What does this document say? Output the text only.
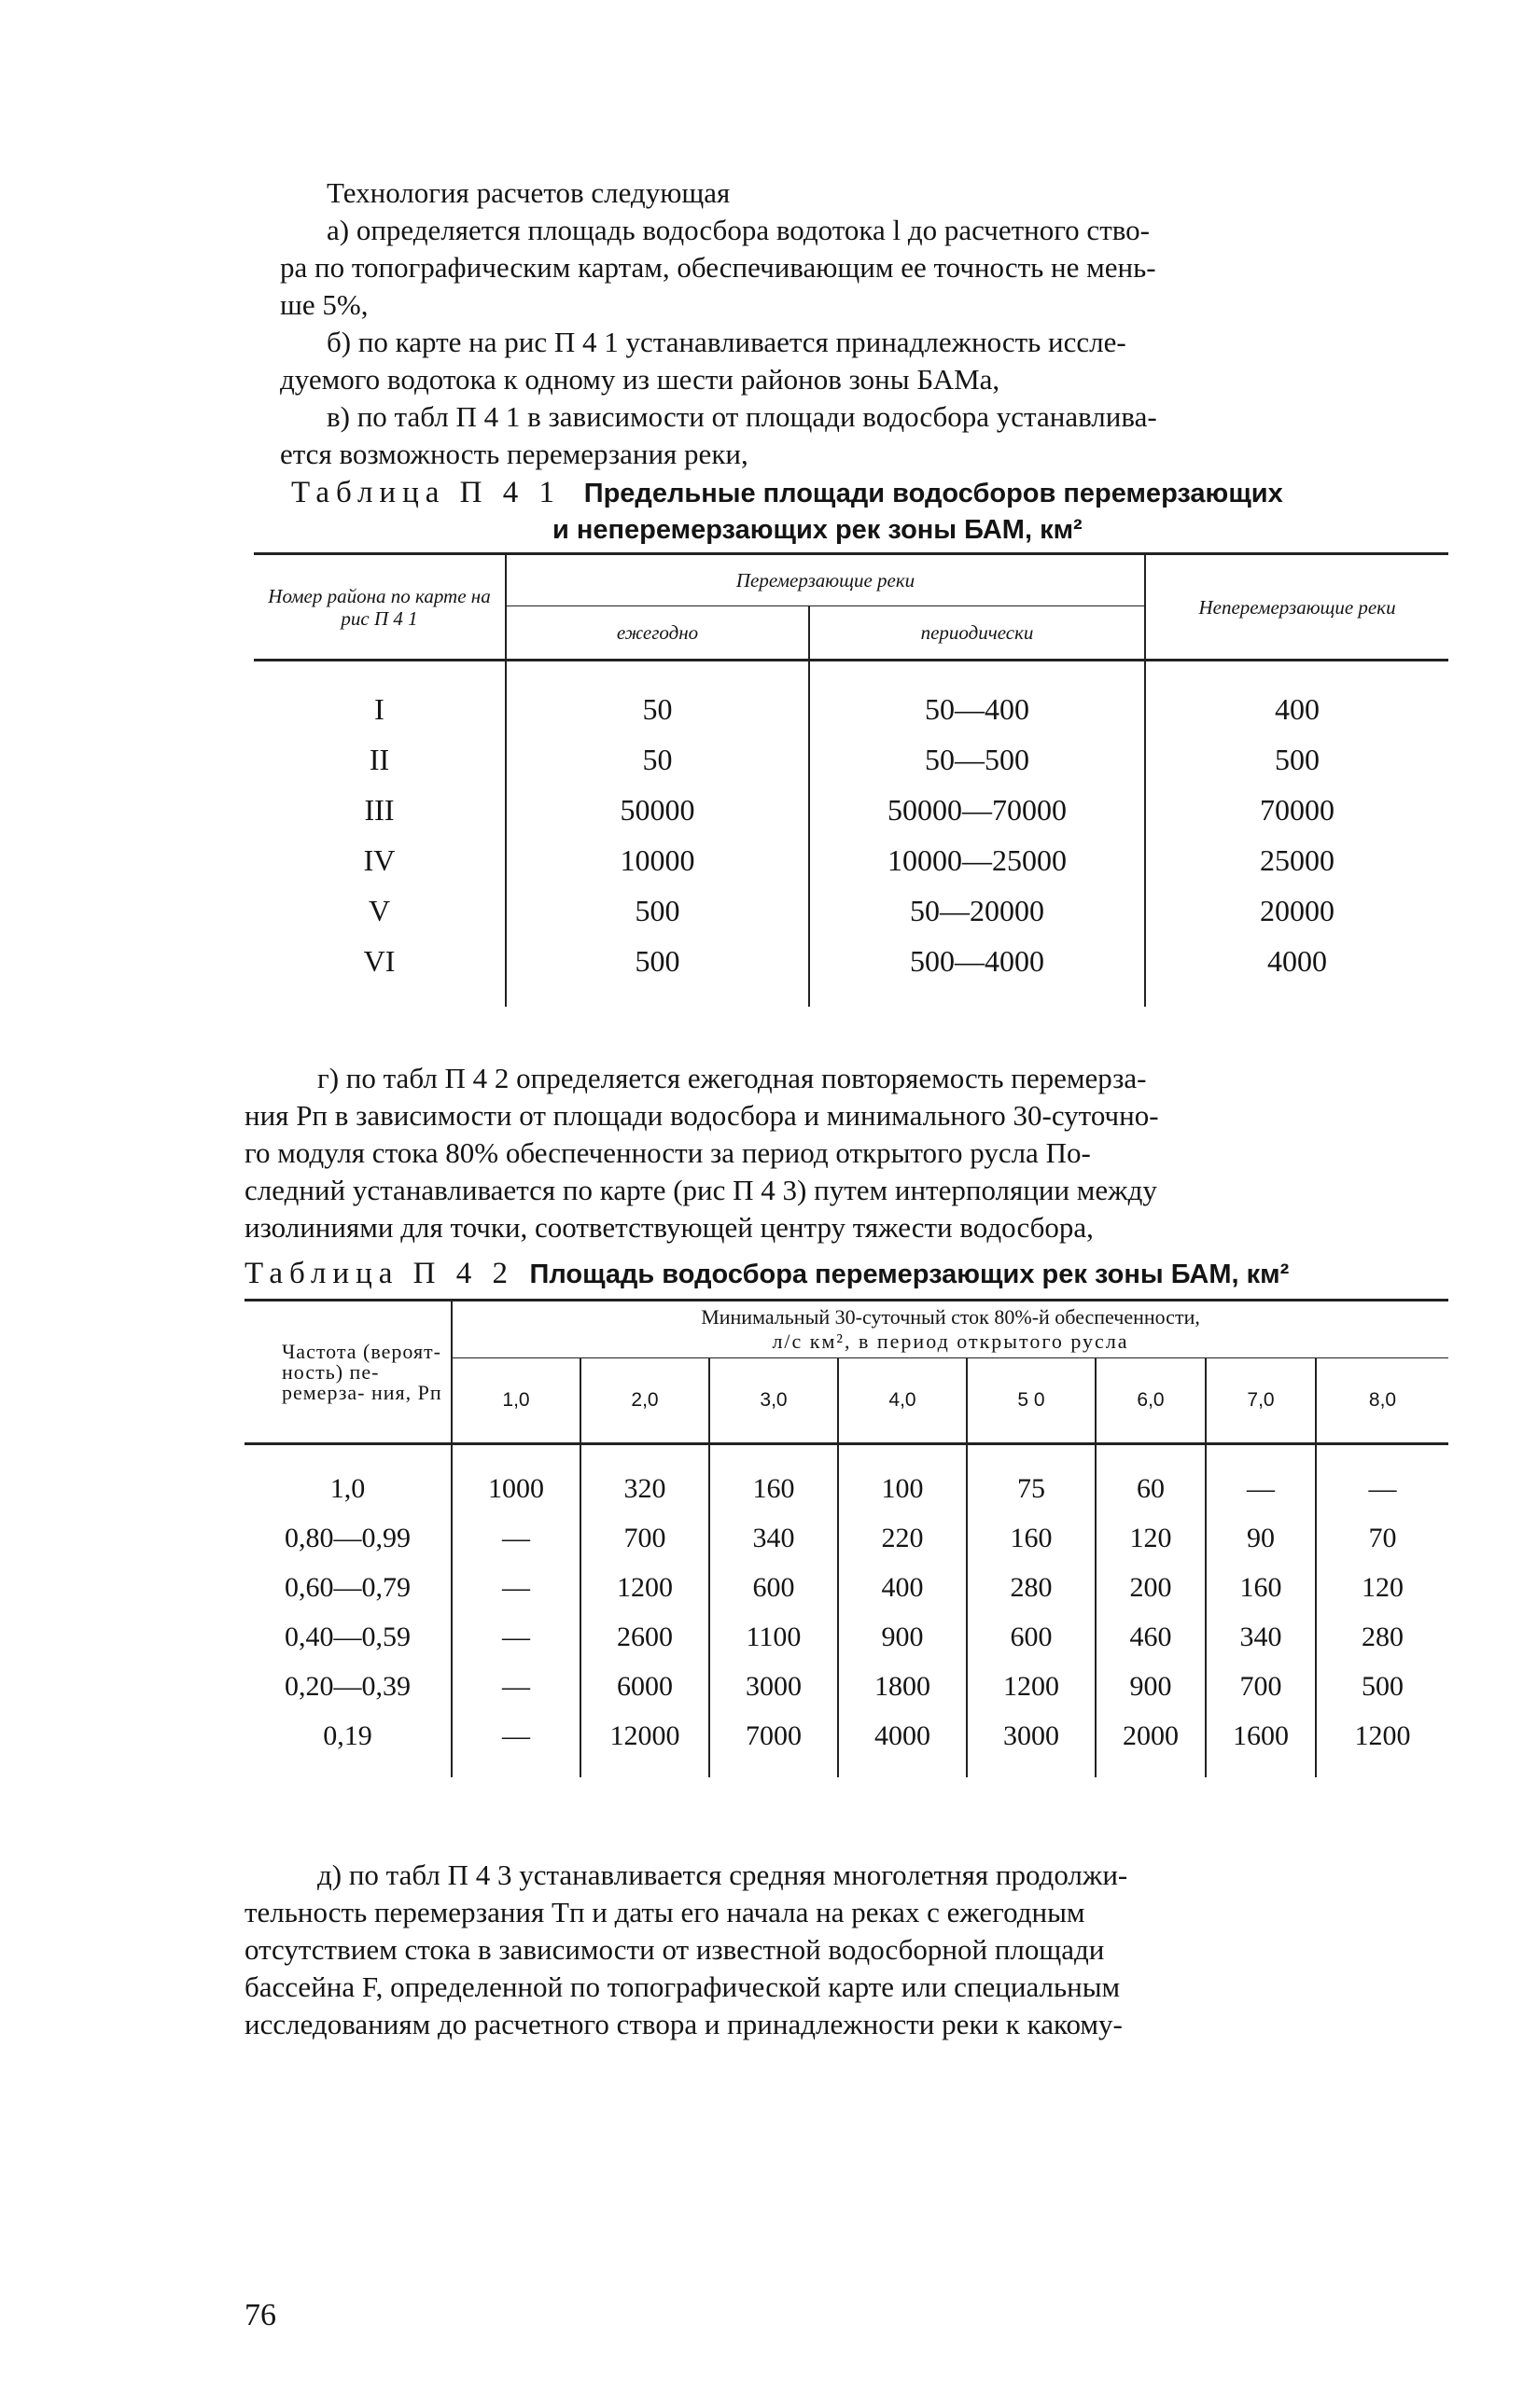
Технология расчетов следующая
а) определяется площадь водосбора водотока l до расчетного ство-
ра по топографическим картам, обеспечивающим ее точность не мень-
ше 5%,
б) по карте на рис П 4 1 устанавливается принадлежность иссле-
дуемого водотока к одному из шести районов зоны БАМа,
в) по табл П 4 1 в зависимости от площади водосбора устанавлива-
ется возможность перемерзания реки,
Таблица П 4 1 Предельные площади водосборов перемерзающих
и неперемерзающих рек зоны БАМ, км²
Номер района по карте на рис П 4 1	Перемерзающие реки		Неперемерзающие реки
	ежегодно	периодически	
I	50	50—400	400
II	50	50—500	500
III	50000	50000—70000	70000
IV	10000	10000—25000	25000
V	500	50—20000	20000
VI	500	500—4000	4000
г) по табл П 4 2 определяется ежегодная повторяемость перемерза-
ния Pп в зависимости от площади водосбора и минимального 30-суточно-
го модуля стока 80% обеспеченности за период открытого русла По-
следний устанавливается по карте (рис П 4 3) путем интерполяции между
изолиниями для точки, соответствующей центру тяжести водосбора,
Таблица П 4 2 Площадь водосбора перемерзающих рек зоны БАМ, км²
Частота (вероят- ность) пе- ремерза- ния, Pп	Минимальный 30-суточный сток 80%-й обеспеченности,							
	л/с км², в период открытого русла							
	1,0	2,0	3,0	4,0	5 0	6,0	7,0	8,0
1,0	1000	320	160	100	75	60	—	—
0,80—0,99	—	700	340	220	160	120	90	70
0,60—0,79	—	1200	600	400	280	200	160	120
0,40—0,59	—	2600	1100	900	600	460	340	280
0,20—0,39	—	6000	3000	1800	1200	900	700	500
0,19	—	12000	7000	4000	3000	2000	1600	1200
д) по табл П 4 3 устанавливается средняя многолетняя продолжи-
тельность перемерзания Tп и даты его начала на реках с ежегодным
отсутствием стока в зависимости от известной водосборной площади
бассейна F, определенной по топографической карте или специальным
исследованиям до расчетного створа и принадлежности реки к какому-
76
